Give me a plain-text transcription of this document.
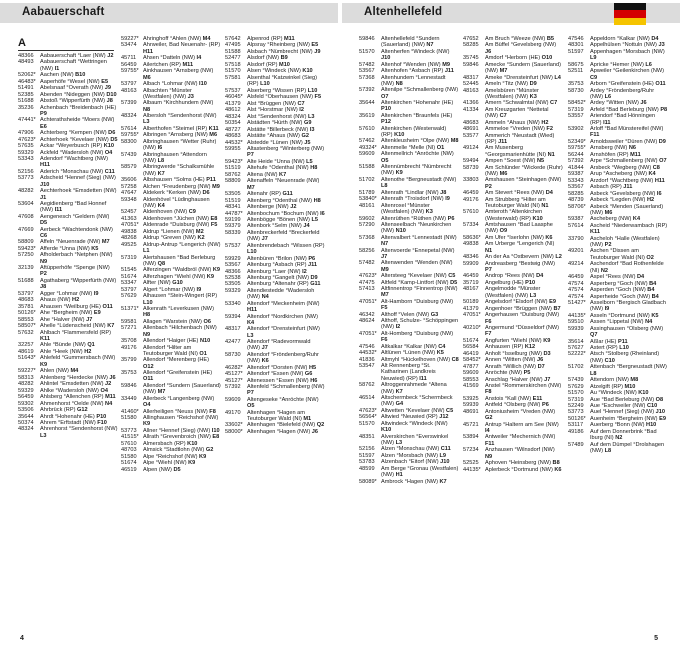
Aabauerschaft	Altenhellefeld
A
48366	Aabauerschaft °Laer (NW) J2
48493	Aabauerschaft °Wettringen (NW) I1
52062* Aachen (NW) B10
46483* Aaperhöfe °Wesel (NW) E5
51491	Abelsnaaf °Overath (NW) J9
52385	Abenden °Nideggen (NW) D10
51688	Abstoß °Wipperfürth (NW) J8
35236	Achenbach °Breidenbach (HE) P9
47441* Achterathsheide °Moers (NW) E6
47906	Achterberg °Kempen (NW) D6
47623* Achterhoek °Kevelaer (NW) D5
57635	Ackar °Weyerbusch (RP) K10
59329	Ackfeld °Wadersloh (NW) O4
53343	Adendorf °Wachtberg (NW) H11
52156	Aderich °Monschau (NW) C11
53773	Adscheid °Hennef (Sieg) (NW) J10
48282	Aechterhoek °Emsdetten (NW) J1
53604	Aegidienberg °Bad Honnef (NW) I11
47608	Aengenesch °Geldern (NW) D5
47669	Aerbeck °Wachtendonk (NW) C6
58809	Affeln °Neuenrade (NW) M7
59423* Afferde °Unna (NW) K5
57250	Afholderbach °Netphen (NW) N9
32139	Aftüpperhöfe °Spenge (NW) P2
51688	Agathaberg °Wipperfürth (NW) J8
53797	Agger °Lohmar (NW) I9
48683	Ahaus (NW) H2
35781	Ahausen °Weilburg (HE) O11
50126* Ahe °Bergheim (NW) E9
58553	Ahe °Halver (NW) J7
58507* Ahelle °Lüdenscheid (NW) K7
57632	Ahlbach °Flammersfeld (RP) K11
32257	Ahle °Bünde (NW) Q1
48619	Ahle °Heek (NW) H2
51643* Ahlefeld °Gummersbach (NW) K9
59227* Ahlen (NW) M4
58313	Ahlenberg °Herdecke (NW) J6
48282	Ahlintel °Emsdetten (NW) J2
59329	Ahlke °Wadersloh (NW) O4
56459	Ahlsberg °Allenchen (RP) M11
59302	Ahmenhorst °Oelde (NW) N4
53506	Ahrbrück (RP) G12
35644	Ahrdt °Hohenahr (HE) P10
50374	Ahrem °Erftstadt (NW) F10
48324	Ahrenhorst °Sendenhorst (NW) L3
59227* Ahringhoff °Ahlen (NW) M4
53474	Ahrweiler, Bad Neuenahr- (RP) H11
45711	Ahsen °Datteln (NW) I4
56459	Ailertchen (RP) M11
59755* Ainkhausen °Arnsberg (NW) M6
53797	Albach °Lohmar (NW) I10
48163	Albachten °Münster (Westfalen) (NW) J3
57399	Albaum °Kirchhundem (NW) N8
48324	Albersloh °Sendenhorst (NW) L3
57614	Alberthofen °Steimel (RP) K11
59755* Albringen °Arnsberg (NW) M6
58300	Albringhausen °Wetter (Ruhr) (NW) I6
57439	Albringhausen °Attendorn (NW) L8
58579	Albringwerde °Schalksmühle (NW) K7
35606	Albshausen °Solms (HE) P11
57258	Alchen °Freudenberg (NW) M9
47647	Aldekerk °Kerken (NW) D6
59348	Aldenhövel °Lüdinghausen (NW) K4
52457	Aldenhoven (NW) C9
41363	Aldenhoven °Jüchen (NW) E8
47051* Aldenrade °Duisburg (NW) F5
49838	Aldrup °Lienen (NW) M2
48268	Aldrup °Greven (NW) K2
49525	Aldrup-Antrup °Lengerich (NW) L1
57319	Alertshausen °Bad Berleburg (NW) Q8
51545	Alferzingen °Waldbröl (NW) K9
51674	Alferzhagen °Wiehl (NW) K9
53347	Alfter (NW) G10
53797	Algert °Lohmar (NW) I9
57629	Alhausen °Stein-Wingert (RP) L10
51371* Alkenrath °Leverkusen (NW) H8
59581	Allagen °Warstein (NW) O6
57271	Allenbach °Hilchenbach (NW) N9
35708	Allendorf °Haiger (HE) N10
49176	Allendorf °Hilter am Teutoburger Wald (NI) O1
35799	Allendorf °Merenberg (HE) O12
35753	Allendorf °Greifenstein (HE) O11
59846	Allendorf °Sundern (Sauerland) (NW) M7
33449	Allerbeck °Langenberg (NW) O4
41460* Allerheiligen °Neuss (NW) F8
51580	Allinghausen °Reichshof (NW) K9
53773	Allner °Hennef (Sieg) (NW) I10
41515* Allrath °Grevenbroich (NW) E8
57610	Almersbach (RP) K10
48703	Almsick °Stadtlohn (NW) G2
51580	Alpe °Reichshof (NW) K9
51674	Alpe °Wiehl (NW) K9
46519	Alpen (NW) D5
57642	Alpenrod (RP) M11
47495	Alpsray °Rheinberg (NW) E5
51588	Alsbach °Nümbrecht (NW) J9
52477	Alsdorf (NW) B9
57518	Alsdorf (RP) M10
51570	Alsen °Windeck (NW) K10
57581	Alsenthal °Katzwinkel (Sieg) (RP) L10
57537	Alserberg °Wissen (RP) L10
46045* Alsfeld °Oberhausen (NW) F5
41379	Alst °Brüggen (NW) C7
48612	Alst °Horstmar (NW) I2
48324	Alst °Sendenhorst (NW) L3
50354	Alstädten °Hürth (NW) G9
48727	Alstätte °Billerbeck (NW) I3
48683	Alstätte °Ahaus (NW) G2
44532* Alstedde °Lünen (NW) J5
59955	Altastenberg °Winterberg (NW) P7
59423* Alte Heide °Unna (NW) L5
51519	Altehufe °Odenthal (NW) H8
58762	Altena (NW) K7
58809	Altenaffeln °Neuenrade (NW) M7
53505	Altenahr (RP) G11
51519	Altenberg °Odenthal (NW) H8
48341	Altenberge (NW) J2
44787* Altenbochum °Bochum (NW) I6
59199	Altenbögge °Bönen (NW) L5
59379	Altenbork °Selm (NW) J4
58339	Altenbreckerfeld °Breckerfeld (NW) J7
57537	Altenbrendebach °Wissen (RP) L10
59929	Altenbüren °Brilon (NW) P6
53567	Altenburg °Asbach (RP) J11
48366	Altenburg °Laer (NW) I2
52538	Altenburg °Gangelt (NW) D9
53505	Altenburg °Altenahr (RP) G11
59329	Altendiestedde °Wadersloh (NW) N4
53340	Altendorf °Meckenheim (NW) H11
59394	Altendorf °Nordkirchen (NW) K4
48317	Altendorf °Drensteinfurt (NW) L3
42477	Altendorf °Radevormwald (NW) J7
58730	Altendorf °Fröndenberg/Ruhr (NW) K6
46282* Altendorf °Dorsten (NW) H5
45127* Altendorf °Essen (NW) G6
45127* Altenessen °Essen (NW) H6
57392	Altenfeld °Schmallenberg (NW) P7
59609	Altengeseke °Anröchte (NW) O5
49170	Altenhagen °Hagen am Teutoburger Wald (NI) M1
33602* Altenhagen °Bielefeld (NW) Q2
58000* Altenhagen °Hagen (NW) J6
59846	Altenhellefeld °Sundern (Sauerland) (NW) N7
51570	Altenherfen °Windeck (NW) J10
57482	Altenhof °Wenden (NW) M9
53567	Altenhofen °Asbach (RP) J11
57368	Altenhundem °Lennestadt (NW) N8
57392	Altenilpe °Schmallenberg (NW) O7
35644	Altenkirchen °Hohenahr (HE) P10
35619	Altenkirchen °Braunfels (HE) P12
57610	Altenkirchen (Westerwald) (RP) K10
57462	Altenkleusheim °Olpe (NW) M8
49324* Altenmelle °Melle (NI) O1
59609	Altenmellrich °Anröchte (NW) O5
51588	Altennümbrecht °Nümbrecht (NW) K9
51702	Altenothe °Bergneustadt (NW) L8
51789	Altenrath °Lindlar (NW) J8
53840* Altenrath °Troisdorf (NW) I9
48161	Altenroxel °Münster (Westfalen) (NW) K3
59602	Altenrüthen °Rüthen (NW) P6
57290	Altenseelbach °Neunkirchen (NW) N10
57368	Altenvalbert °Lennestadt (NW) N7
58256	Altenvoerde °Ennepetal (NW) J7
57482	Altenwenden °Wenden (NW) M9
47623* Altersteeg °Kevelaer (NW) C5
47475	Altfeld °Kamp-Lintfort (NW) D5
57413	Altfinnentrop °Finnentrop (NW) M7
47051* Alt-Hamborn °Duisburg (NW) F5
46342	Althoff °Velen (NW) G3
48624	Althoff, Schulze- °Schöppingen (NW) I2
47051* Alt-Homberg °Duisburg (NW) F6
47546	Altkalkar °Kalkar (NW) C4
44532* Altlünen °Lünen (NW) K5
41836	Altmyhl °Hückelhoven (NW) C8
53547	Alt Rennenberg °St. Katharinen (Landkreis Neuwied) (RP) I11
58762	Altroggenrahmede °Altena (NW) K7
46514	Altschermbeck °Schermbeck (NW) G4
47623* Altwetten °Kevelaer (NW) C5
56564* Altwied °Neuwied (RP) J12
51570	Altwindeck °Windeck (NW) K10
48351	Alverskirchen °Everswinkel (NW) L3
52156	Alzen °Monschau (NW) C11
51597	Alzen °Morsbach (NW) L9
53783	Alzenbach °Eitorf (NW) J10
48599	Am Berge °Gronau (Westfalen) (NW) H1
58089* Ambrock °Hagen (NW) K7
47652	Am Bruch °Weeze (NW) B5
58285	Am Büffel °Gevelsberg (NW) J6
35745	Amdorf °Herborn (HE) O10
59846	Amecke °Sundern (Sauerland) (NW) M7
48317	Ameke °Drensteinfurt (NW) L4
52445	Ameln °Titz (NW) D9
48163	Amelsbüren °Münster (Westfalen) (NW) K3
41366	Amern °Schwalmtal (NW) C7
41334	Am Kreuzgarten °Nettetal (NW) C7
48683	Ammeln °Ahaus (NW) H2
48691	Ammeloe °Vreden (NW) F2
53577	Ammerich °Neustadt (Wied) (RP) J11
49124	Am Musenberg °Georgsmarienhütte (NI) N1
59494	Ampen °Soest (NW) N5
58739	Am Schlünder °Wickede (Ruhr) (NW) M6
33803	Amshausen °Steinhagen (NW) P2
46459	Am Stevert °Rees (NW) D4
49176	Am Strubberg °Hilter am Teutoburger Wald (NI) N1
57610	Amteroth °Altenkirchen (Westerwald) (RP) K10
57334	Amtshausen °Bad Laasphe (NW) O9
58636* Am Ufer °Iserlohn (NW) K6
49838	Am Urberge °Lengerich (NI) N1
48346	An der Aa °Ostbevern (NW) L2
59909	Andreasberg °Bestwig (NW) P7
46459	Androp °Rees (NW) D4
35719	Angelburg (HE) P10
48167	Angelmodde °Münster (Westfalen) (NW) L3
50189	Angelsdorf °Elsdorf (NW) E9
41379	Angenhoer °Brüggen (NW) B7
47051* Angerhausen °Duisburg (NW) F6
40210* Angermund °Düsseldorf (NW) F7
51674	Angfurten °Wiehl (NW) K9
56584	Anhausen (RP) K12
46419	Anholt °Isselburg (NW) D3
58452* Annen °Witten (NW) J6
47877	Anrath °Willich (NW) D7
59609	Anröchte (NW) P5
58553	Anschlag °Halver (NW) J7
41569	Anstel °Rommerskirchen (NW) F8
53925	Anstois °Kall (NW) E11
59939	Antfeld °Olsberg (NW) P6
48691	Antoniusheim °Vreden (NW) G2
45721	Antrup °Haltern am See (NW) I4
53894	Antweiler °Mechernich (NW) F11
57234	Anzhausen °Wilnsdorf (NW) N9
52525	Aphoven °Heinsberg (NW) B8
44135* Aplerbeck °Dortmund (NW) K6
47546	Appeldorn °Kalkar (NW) D4
48301	Appelhülsen °Nottuln (NW) J3
51597	Appenhagen °Morsbach (NW) L9
58675	Apricke °Hemer (NW) L6
52511	Apweiler °Geilenkirchen (NW) C9
35753	Arborn °Greifenstein (HE) O11
58730	Ardey °Fröndenberg/Ruhr (NW) L6
58452* Ardey °Witten (NW) J6
57319	Arfeld °Bad Berleburg (NW) P8
53557	Ariendorf °Bad Hönningen (RP) I11
53902	Arloff °Bad Münstereifel (NW) F11
52349* Arnoldsweiler °Düren (NW) D9
59755* Arnsberg (NW) N6
56244	Arnshöfen (RP) M11
57392	Arpe °Schmallenberg (NW) O7
41844	Arsbeck °Wegberg (NW) C8
59387	Arup °Ascheberg (NW) K4
53343	Arzdorf °Wachtberg (NW) H11
53567	Asbach (RP) J11
58285	Asbeck °Gevelsberg (NW) I6
48739	Asbeck °Legden (NW) H2
58706* Asbeck °Menden (Sauerland) (NW) M6
59387	Ascheberg (NW) K4
57614	Ascheid °Niederwambach (RP) K11
33790	Ascheloh °Halle (Westfalen) (NW) P2
49201	Aschen °Dissen am Teutoburger Wald (NI) O2
49214	Aschendorf °Bad Rothenfelde (NI) N2
46459	Aspel °Rees (NW) D4
47574	Asperberg °Goch (NW) B4
47574	Asperden °Goch (NW) B4
47574	Asperheide °Goch (NW) B4
51427* Asselborn °Bergisch Gladbach (NW) I9
44135* Asseln °Dortmund (NW) K5
59510	Assen °Lippetal (NW) N4
59939	Assinghausen °Olsberg (NW) Q7
35614	Aßlar (HE) P11
57627	Astert (RP) L10
52222* Atsch °Stolberg (Rheinland) (NW) C10
51702	Attenbach °Bergneustadt (NW) L8
57439	Attendorn (NW) M8
57629	Atzelgift (RP) M10
51570	Au °Windeck (NW) K10
57319	Aue °Bad Berleburg (NW) O8
52249	Aue °Eschweiler (NW) C10
53773	Auel °Hennef (Sieg) (NW) J10
50126* Auenheim °Bergheim (NW) E9
53117	Auerberg °Bonn (NW) H10
49186	Auf dem Donnerbrink °Bad Iburg (NI) N2
57489	Auf dem Dümpel °Drolshagen (NW) L8
4	5
